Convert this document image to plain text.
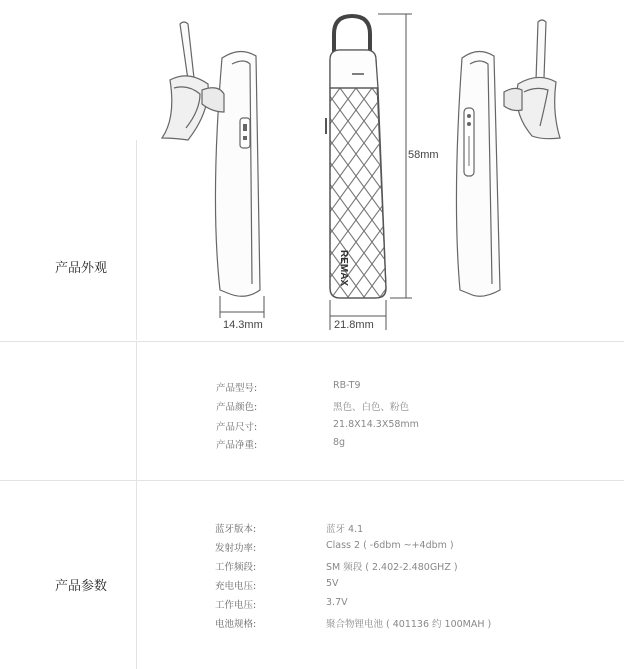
产品外观
产品参数
14.3mm
REMAX
58mm
21.8mm
产品型号:	RB-T9
产品颜色:	黑色、白色、粉色
产品尺寸:	21.8X14.3X58mm
产品净重:	8g
蓝牙版本:	蓝牙 4.1
发射功率:	Class 2 ( -6dbm ~+4dbm )
工作频段:	SM 频段 ( 2.402-2.480GHZ )
充电电压:	5V
工作电压:	3.7V
电池规格:	聚合物锂电池 ( 401136 约 100MAH )
